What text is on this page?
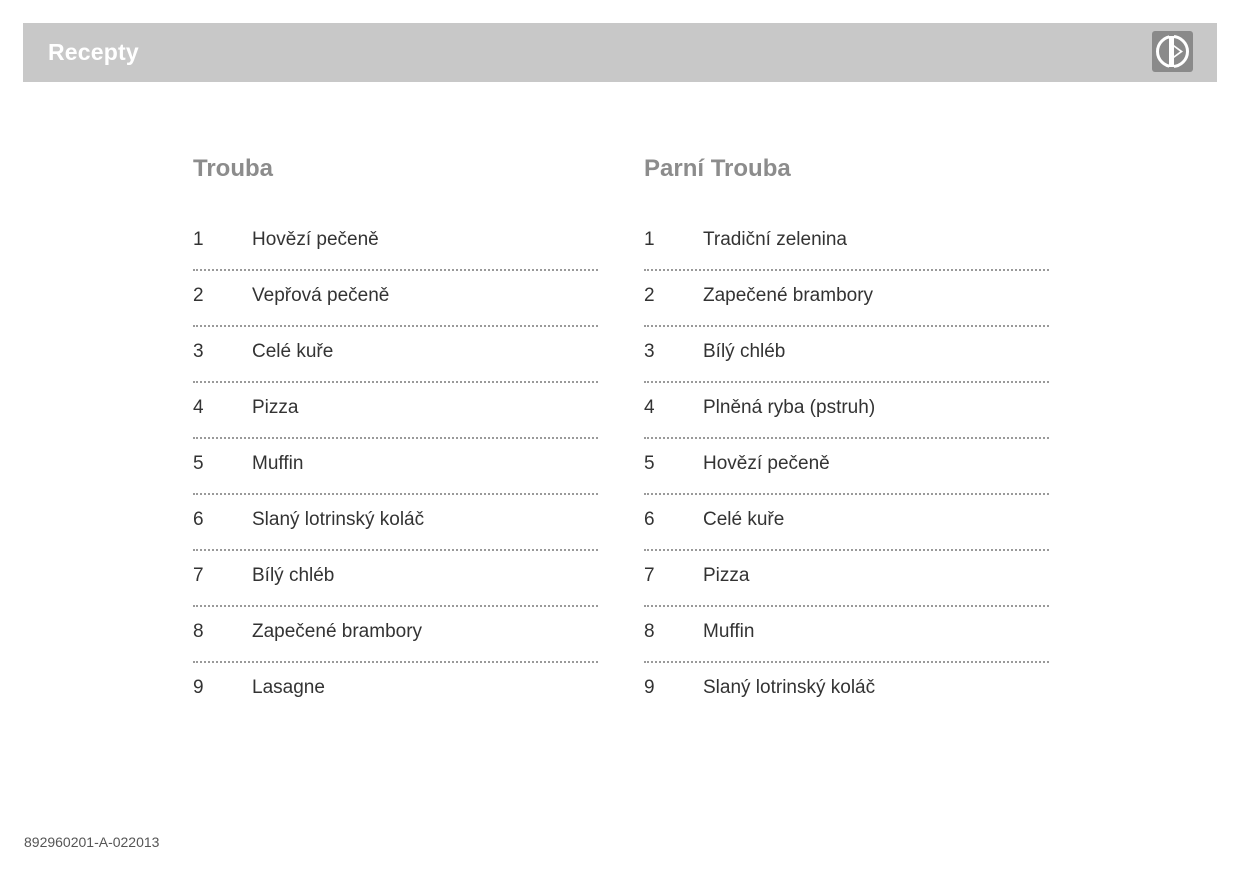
Recepty
Trouba
1	Hovězí pečeně
2	Vepřová pečeně
3	Celé kuře
4	Pizza
5	Muffin
6	Slaný lotrinský koláč
7	Bílý chléb
8	Zapečené brambory
9	Lasagne
Parní Trouba
1	Tradiční zelenina
2	Zapečené brambory
3	Bílý chléb
4	Plněná ryba (pstruh)
5	Hovězí pečeně
6	Celé kuře
7	Pizza
8	Muffin
9	Slaný lotrinský koláč
892960201-A-022013
